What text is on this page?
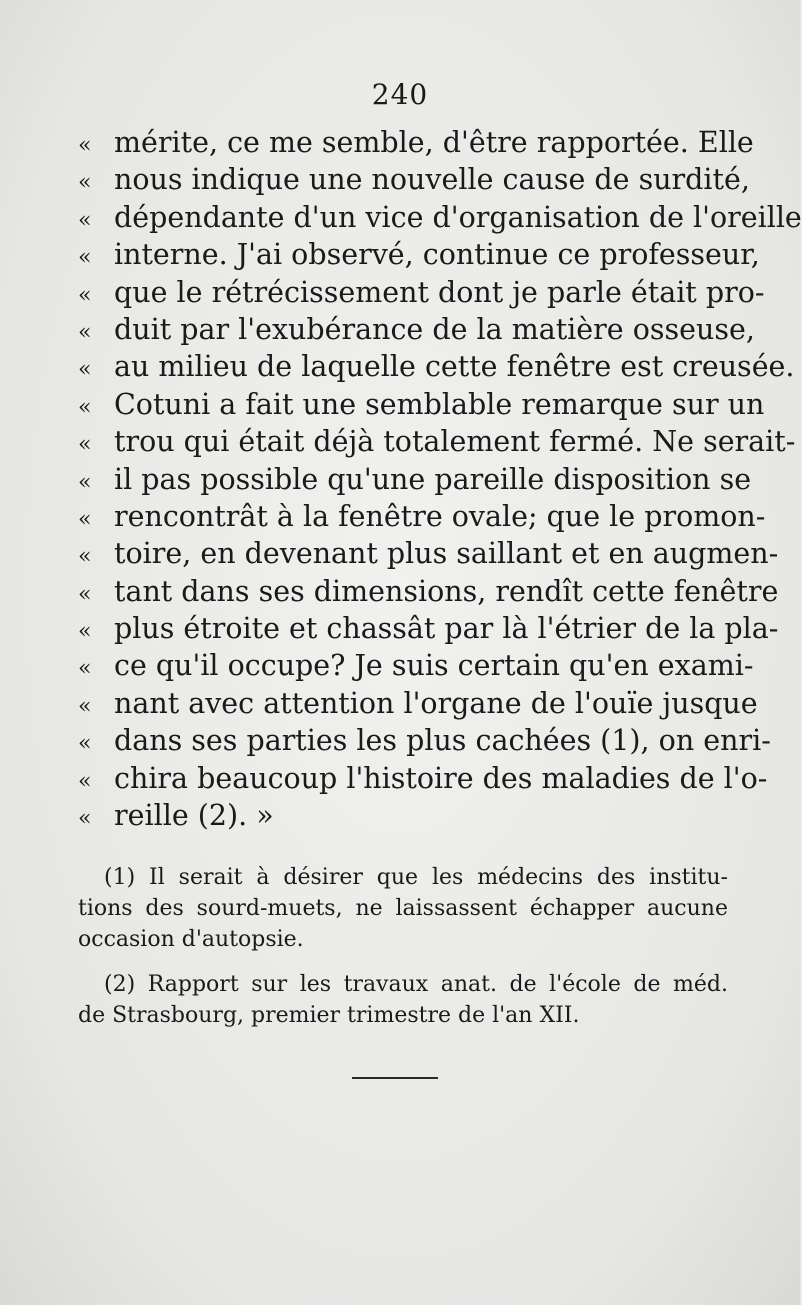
240
« mérite, ce me semble, d'être rapportée. Elle
« nous indique une nouvelle cause de surdité,
« dépendante d'un vice d'organisation de l'oreille
« interne. J'ai observé, continue ce professeur,
« que le rétrécissement dont je parle était pro-
« duit par l'exubérance de la matière osseuse,
« au milieu de laquelle cette fenêtre est creusée.
« Cotuni a fait une semblable remarque sur un
« trou qui était déjà totalement fermé. Ne serait-
« il pas possible qu'une pareille disposition se
« rencontrât à la fenêtre ovale; que le promon-
« toire, en devenant plus saillant et en augmen-
« tant dans ses dimensions, rendît cette fenêtre
« plus étroite et chassât par là l'étrier de la pla-
« ce qu'il occupe? Je suis certain qu'en exami-
« nant avec attention l'organe de l'ouïe jusque
« dans ses parties les plus cachées (1), on enri-
« chira beaucoup l'histoire des maladies de l'o-
« reille (2). »
(1) Il serait à désirer que les médecins des institu-
tions des sourd-muets, ne laissassent échapper aucune
occasion d'autopsie.
(2) Rapport sur les travaux anat. de l'école de méd.
de Strasbourg, premier trimestre de l'an XII.
